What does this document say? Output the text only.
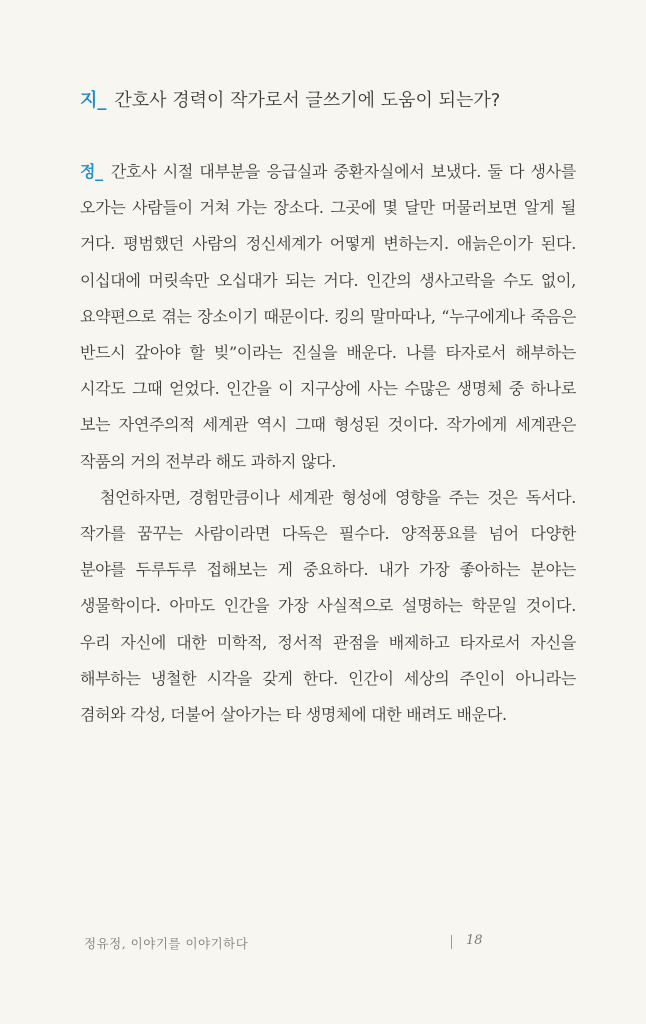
지_ 간호사 경력이 작가로서 글쓰기에 도움이 되는가?

정_ 간호사 시절 대부분을 응급실과 중환자실에서 보냈다. 둘 다 생사를 오가는 사람들이 거쳐 가는 장소다. 그곳에 몇 달만 머물러보면 알게 될 거다. 평범했던 사람의 정신세계가 어떻게 변하는지. 애늙은이가 된다. 이십대에 머릿속만 오십대가 되는 거다. 인간의 생사고락을 수도 없이, 요약편으로 겪는 장소이기 때문이다. 킹의 말마따나, “누구에게나 죽음은 반드시 갚아야 할 빚”이라는 진실을 배운다. 나를 타자로서 해부하는 시각도 그때 얻었다. 인간을 이 지구상에 사는 수많은 생명체 중 하나로 보는 자연주의적 세계관 역시 그때 형성된 것이다. 작가에게 세계관은 작품의 거의 전부라 해도 과하지 않다.

첨언하자면, 경험만큼이나 세계관 형성에 영향을 주는 것은 독서다. 작가를 꿈꾸는 사람이라면 다독은 필수다. 양적풍요를 넘어 다양한 분야를 두루두루 접해보는 게 중요하다. 내가 가장 좋아하는 분야는 생물학이다. 아마도 인간을 가장 사실적으로 설명하는 학문일 것이다. 우리 자신에 대한 미학적, 정서적 관점을 배제하고 타자로서 자신을 해부하는 냉철한 시각을 갖게 한다. 인간이 세상의 주인이 아니라는 겸허와 각성, 더불어 살아가는 타 생명체에 대한 배려도 배운다.

정유정, 이야기를 이야기하다	18
